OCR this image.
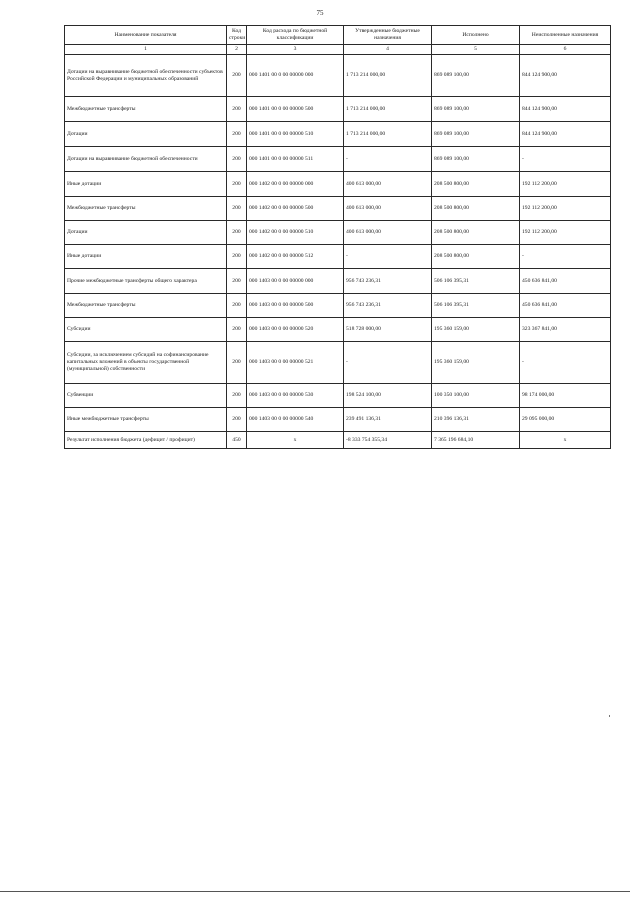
75
Наименование показателя	Код строки	Код расхода по бюджетной классификации	Утвержденные бюджетные назначения	Исполнено	Неисполненные назначения
1	2	3	4	5	6
Дотации на выравнивание бюджетной обеспеченности субъектов Российской Федерации и муниципальных образований	200	000 1401 00 0 00 00000 000	1 713 214 000,00	869 089 100,00	844 124 900,00
Межбюджетные трансферты	200	000 1401 00 0 00 00000 500	1 713 214 000,00	869 089 100,00	844 124 900,00
Дотации	200	000 1401 00 0 00 00000 510	1 713 214 000,00	869 089 100,00	844 124 900,00
Дотации на выравнивание бюджетной обеспеченности	200	000 1401 00 0 00 00000 511	-	869 089 100,00	-
Иные дотации	200	000 1402 00 0 00 00000 000	400 613 000,00	208 500 800,00	192 112 200,00
Межбюджетные трансферты	200	000 1402 00 0 00 00000 500	400 613 000,00	208 500 800,00	192 112 200,00
Дотации	200	000 1402 00 0 00 00000 510	400 613 000,00	208 500 800,00	192 112 200,00
Иные дотации	200	000 1402 00 0 00 00000 512	-	208 500 800,00	-
Прочие межбюджетные трансферты общего характера	200	000 1403 00 0 00 00000 000	956 743 236,31	506 106 395,31	450 636 841,00
Межбюджетные трансферты	200	000 1403 00 0 00 00000 500	956 743 236,31	506 106 395,31	450 636 841,00
Субсидии	200	000 1403 00 0 00 00000 520	518 728 000,00	195 360 159,00	323 367 841,00
Субсидии, за исключением субсидий на софинансирование капитальных вложений в объекты государственной (муниципальной) собственности	200	000 1403 00 0 00 00000 521	-	195 360 159,00	-
Субвенции	200	000 1403 00 0 00 00000 530	198 524 100,00	100 350 100,00	98 174 000,00
Иные межбюджетные трансферты	200	000 1403 00 0 00 00000 540	239 491 136,31	210 396 136,31	29 095 000,00
Результат исполнения бюджета (дефицит / профицит)	450	x	-8 333 754 355,34	7 365 196 684,10	x
